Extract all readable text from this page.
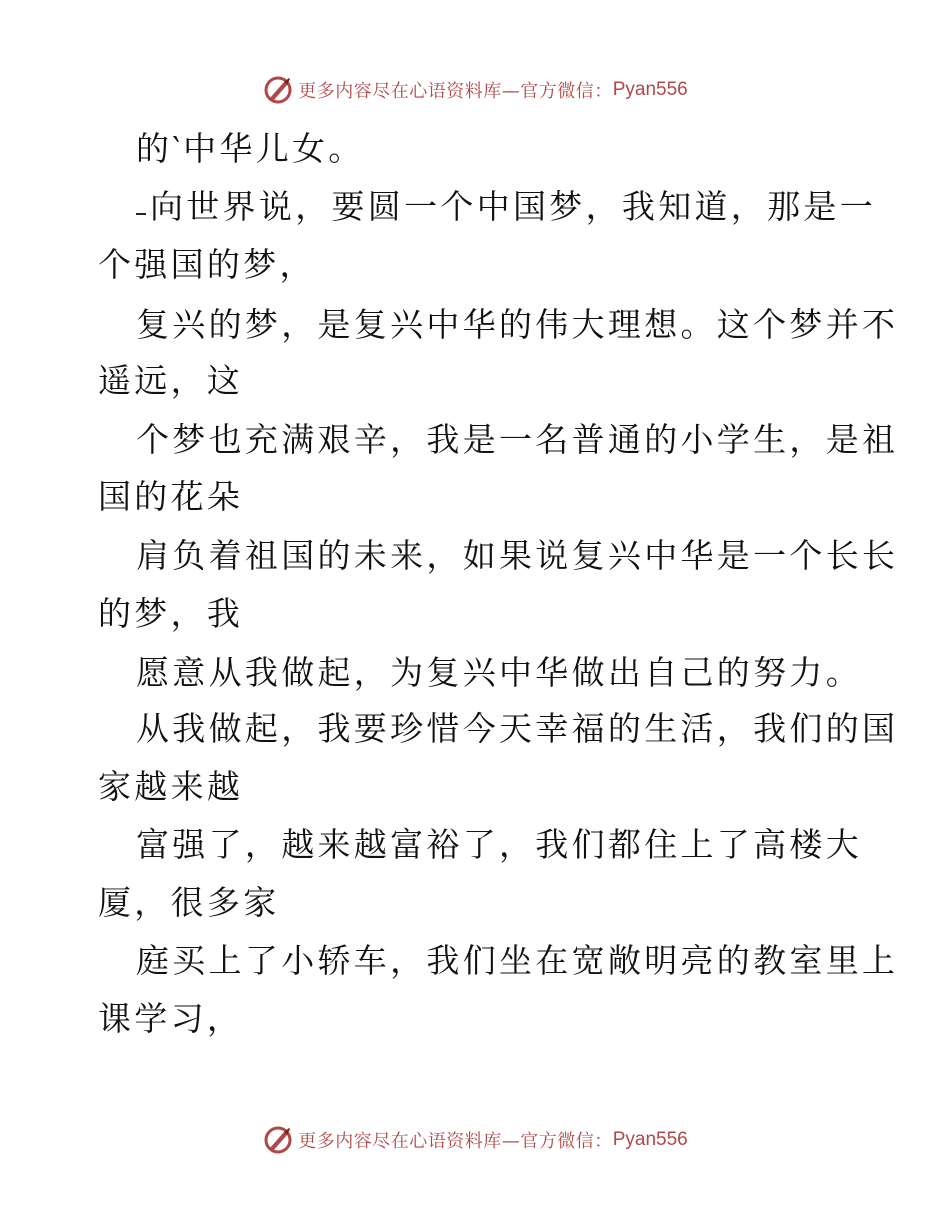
更多内容尽在心语资料库—官方微信： Pyan556
的‵中华儿女。
向世界说，要圆一个中国梦，我知道，那是一
个强国的梦，
复兴的梦，是复兴中华的伟大理想。这个梦并不
遥远，这
个梦也充满艰辛，我是一名普通的小学生，是祖
国的花朵
肩负着祖国的未来，如果说复兴中华是一个长长
的梦，我
愿意从我做起，为复兴中华做出自己的努力。
从我做起，我要珍惜今天幸福的生活，我们的国
家越来越
富强了，越来越富裕了，我们都住上了高楼大
厦，很多家
庭买上了小轿车，我们坐在宽敞明亮的教室里上
课学习，
更多内容尽在心语资料库—官方微信： Pyan556
